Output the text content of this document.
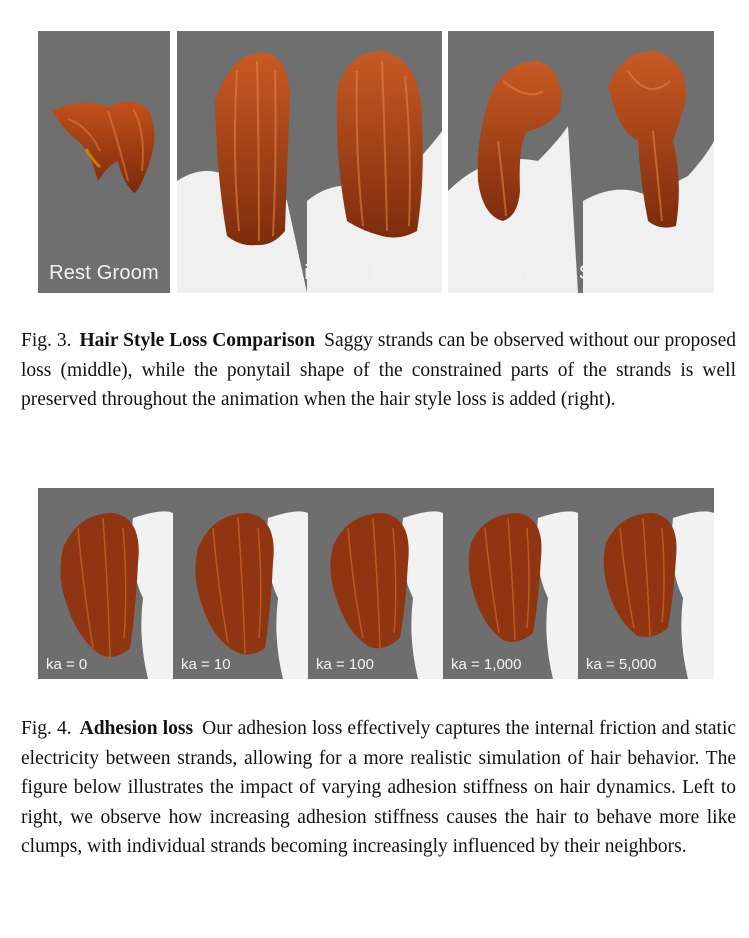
Rest Groom	Without Hair Style Loss	With Hair Style Loss
Fig. 3. Hair Style Loss Comparison Saggy strands can be observed without our proposed loss (middle), while the ponytail shape of the constrained parts of the strands is well preserved throughout the animation when the hair style loss is added (right).
ka = 0	ka = 10	ka = 100	ka = 1,000	ka = 5,000
Fig. 4. Adhesion loss Our adhesion loss effectively captures the internal friction and static electricity between strands, allowing for a more realistic simulation of hair behavior. The figure below illustrates the impact of varying adhesion stiffness on hair dynamics. Left to right, we observe how increasing adhesion stiffness causes the hair to behave more like clumps, with individual strands becoming increasingly influenced by their neighbors.
